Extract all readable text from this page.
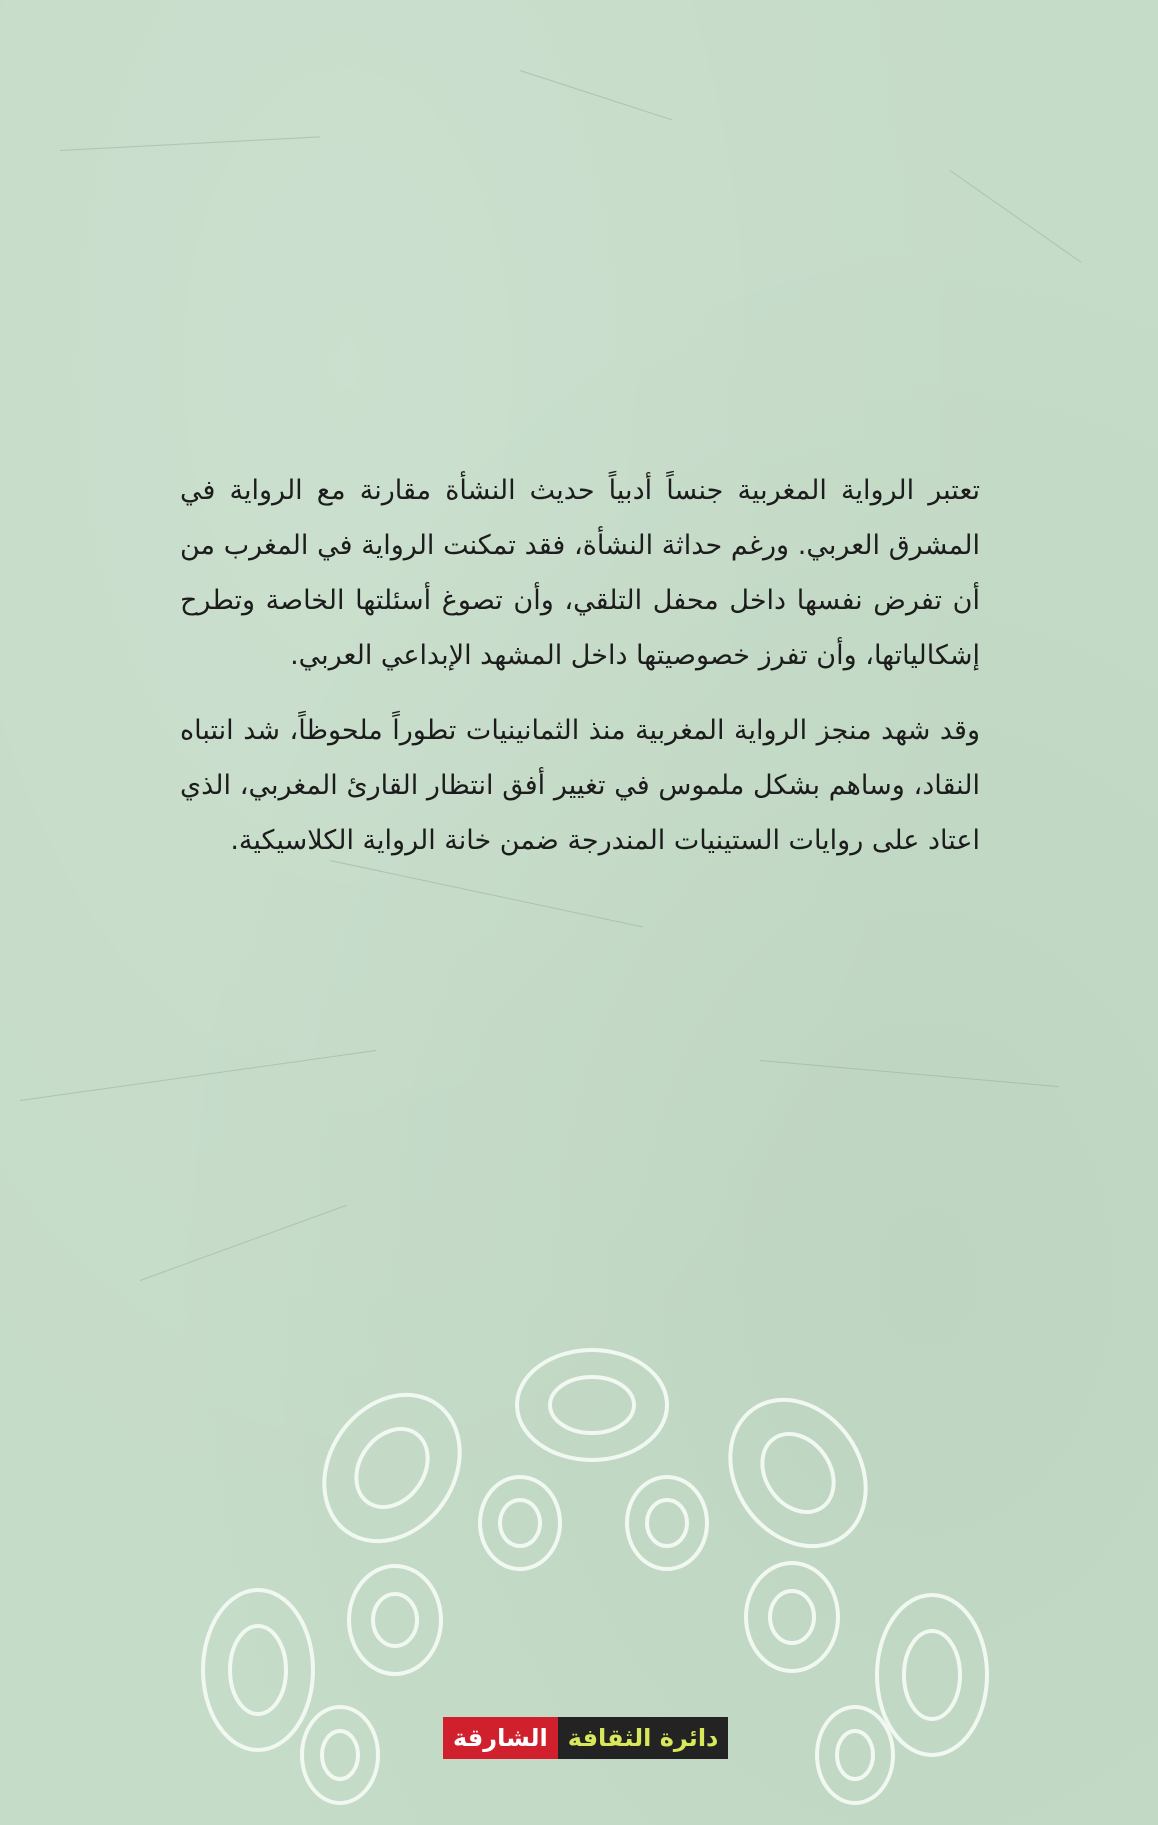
تعتبر الرواية المغربية جنساً أدبياً حديث النشأة مقارنة مع الرواية في المشرق العربي. ورغم حداثة النشأة، فقد تمكنت الرواية في المغرب من أن تفرض نفسها داخل محفل التلقي، وأن تصوغ أسئلتها الخاصة وتطرح إشكالياتها، وأن تفرز خصوصيتها داخل المشهد الإبداعي العربي.

وقد شهد منجز الرواية المغربية منذ الثمانينيات تطوراً ملحوظاً، شد انتباه النقاد، وساهم بشكل ملموس في تغيير أفق انتظار القارئ المغربي، الذي اعتاد على روايات الستينيات المندرجة ضمن خانة الرواية الكلاسيكية.

دائرة الثقافة
الشارقة
